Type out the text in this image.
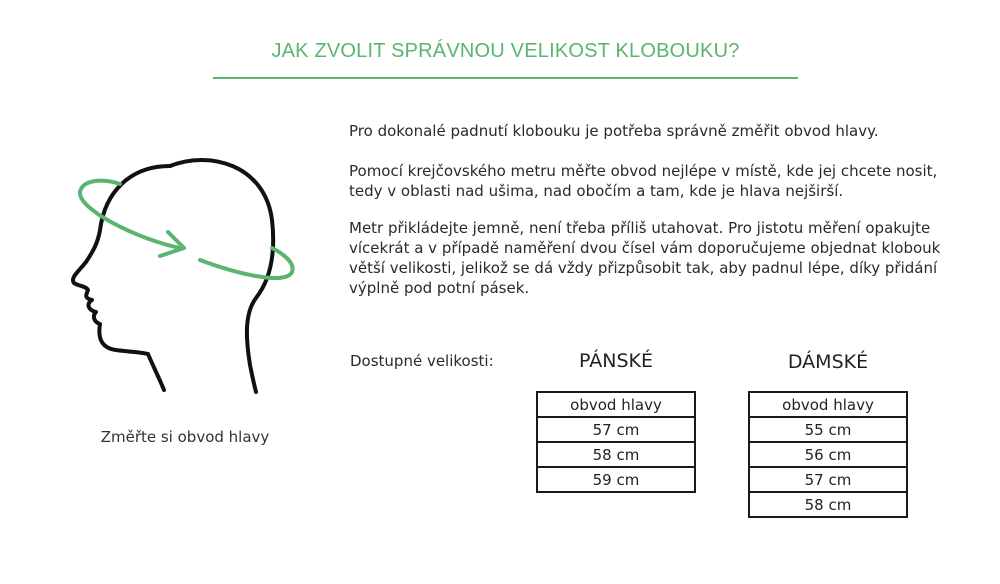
JAK ZVOLIT SPRÁVNOU VELIKOST KLOBOUKU?
Změřte si obvod hlavy

Pro dokonalé padnutí klobouku je potřeba správně změřit obvod hlavy.

Pomocí krejčovského metru měřte obvod nejlépe v místě, kde jej chcete nosit, tedy v oblasti nad ušima, nad obočím a tam, kde je hlava nejširší.

Metr přikládejte jemně, není třeba příliš utahovat. Pro jistotu měření opakujte vícekrát a v případě naměření dvou čísel vám doporučujeme objednat klobouk větší velikosti, jelikož se dá vždy přizpůsobit tak, aby padnul lépe, díky přidání výplně pod potní pásek.

Dostupné velikosti:	PÁNSKÉ	DÁMSKÉ
obvod hlavy
57 cm
58 cm
59 cm
obvod hlavy
55 cm
56 cm
57 cm
58 cm
